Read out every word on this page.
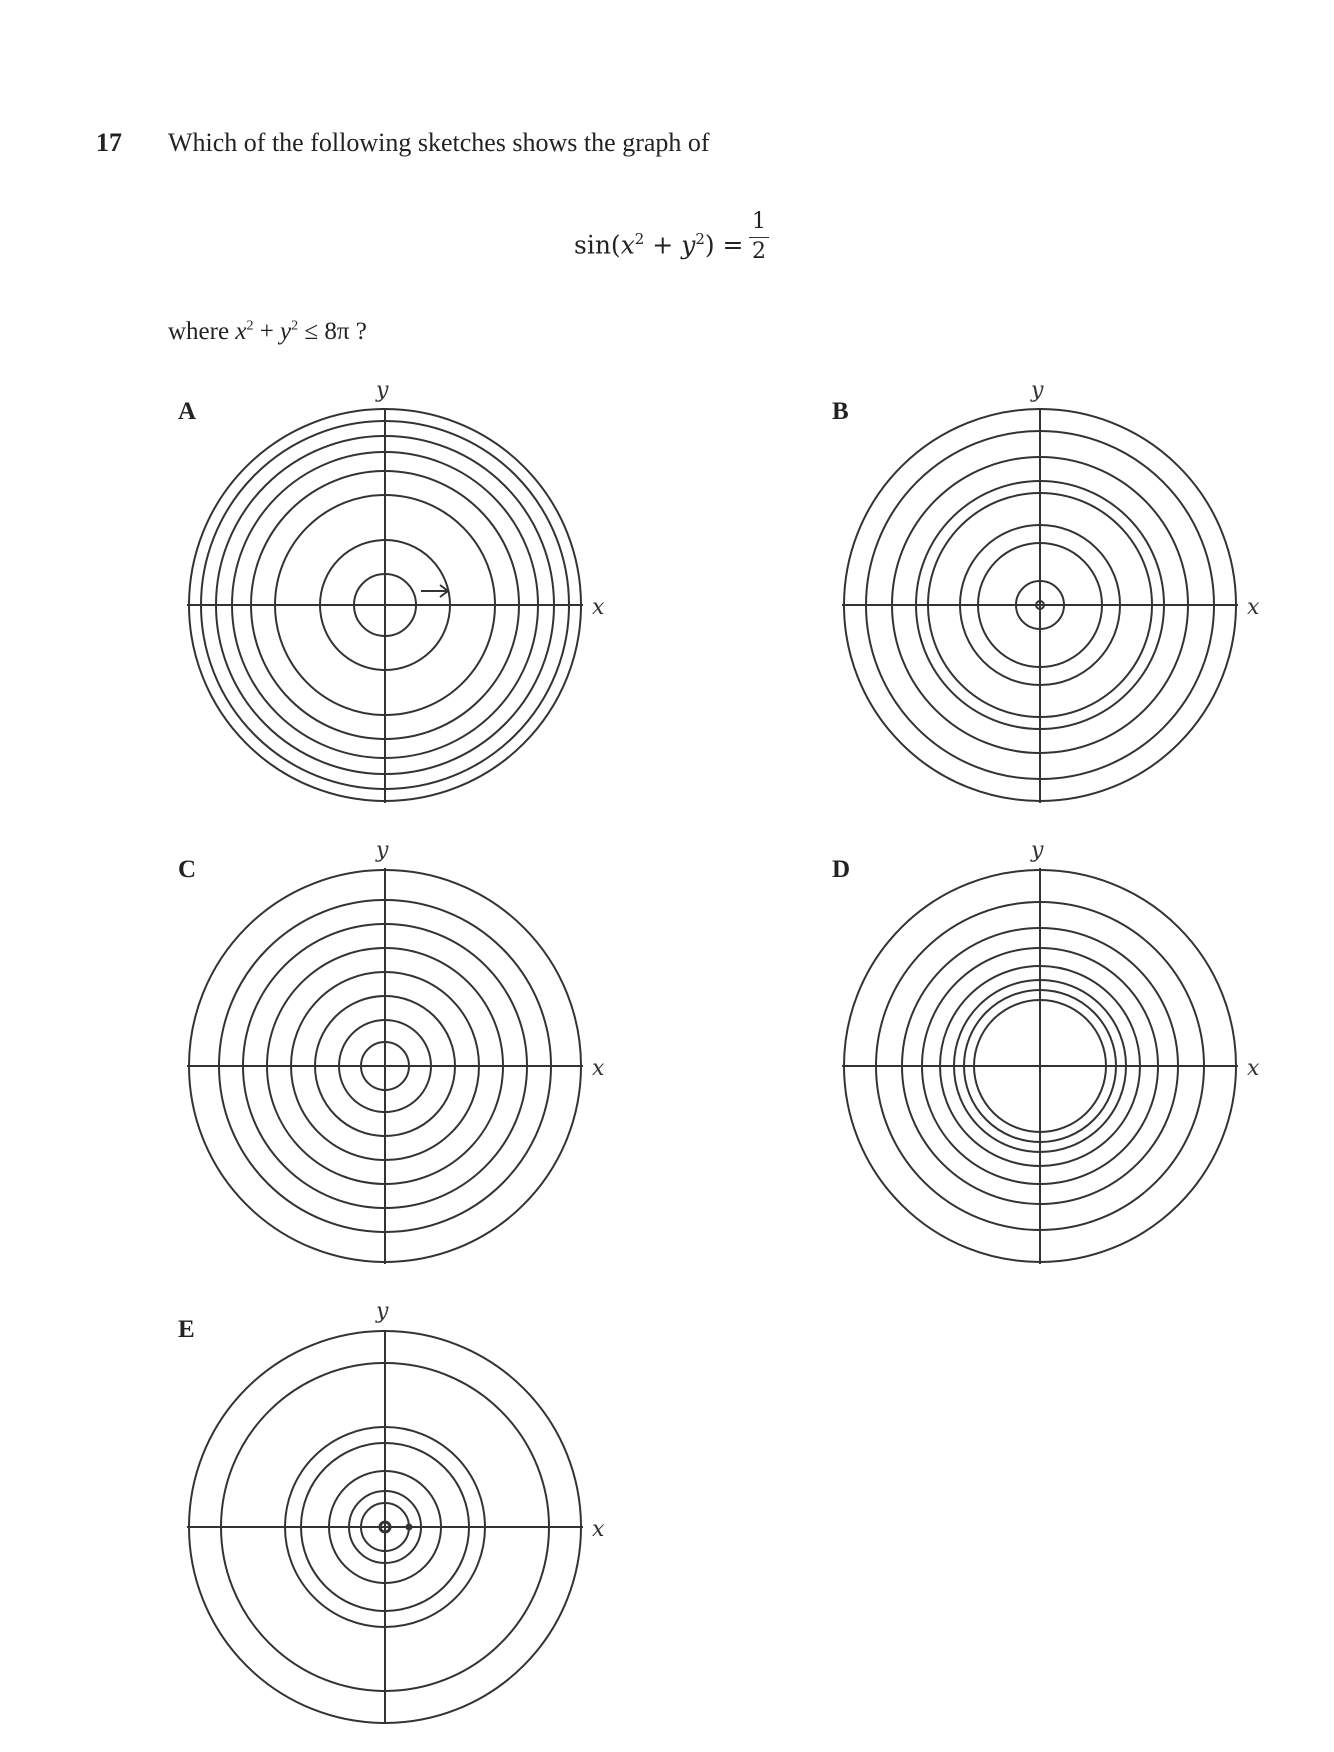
17 Which of the following sketches shows the graph of
$\sin(x^2 + y^2)$ =
1
2
where $x^2 + y^2 \le 8\pi$ ?
A	B
C	D
E
y
x
y
x
y
x
y
x
y
x
